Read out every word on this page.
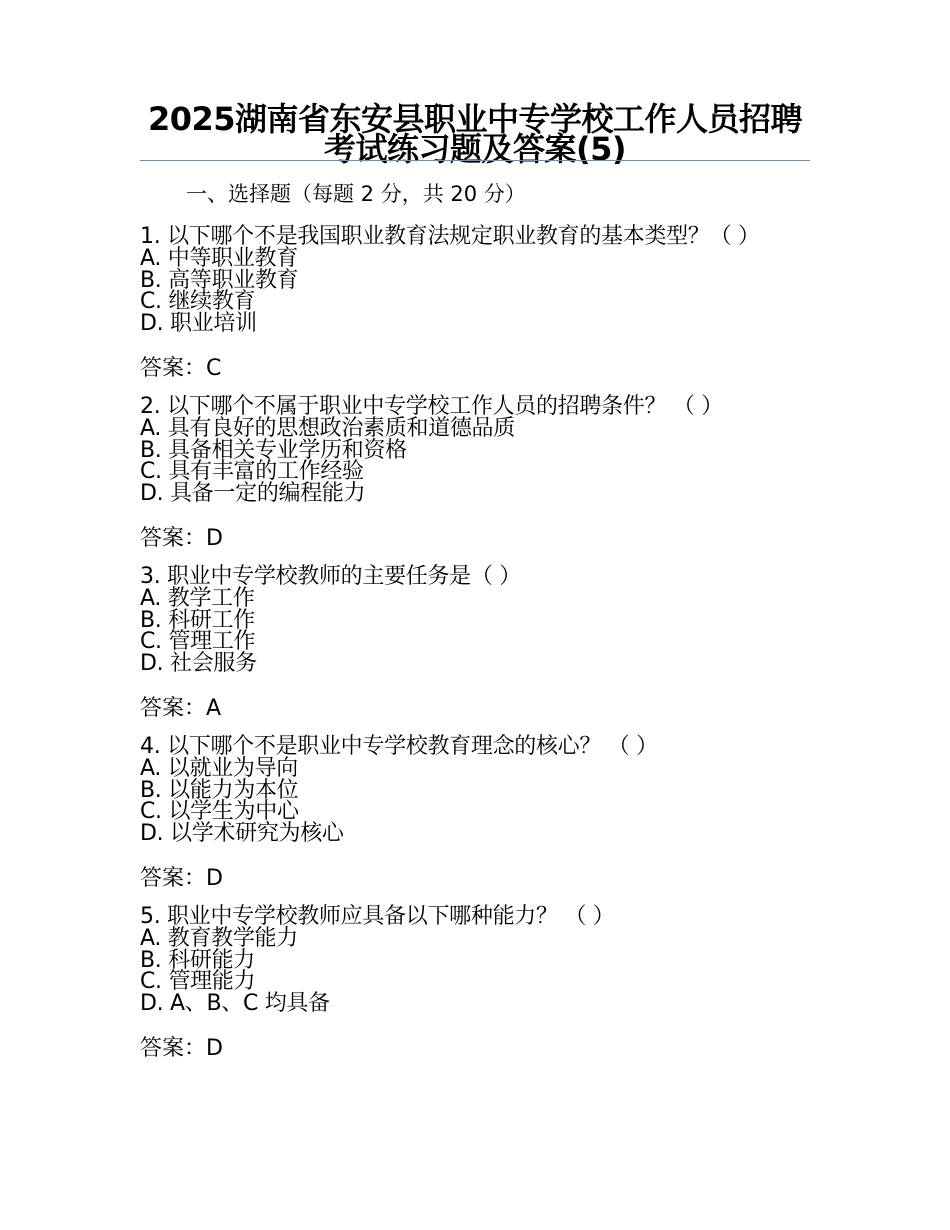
2025湖南省东安县职业中专学校工作人员招聘考试练习题及答案(5)
一、选择题（每题 2 分，共 20 分）
1. 以下哪个不是我国职业教育法规定职业教育的基本类型？（ ）
A. 中等职业教育
B. 高等职业教育
C. 继续教育
D. 职业培训
答案：C
2. 以下哪个不属于职业中专学校工作人员的招聘条件？ （ ）
A. 具有良好的思想政治素质和道德品质
B. 具备相关专业学历和资格
C. 具有丰富的工作经验
D. 具备一定的编程能力
答案：D
3. 职业中专学校教师的主要任务是（ ）
A. 教学工作
B. 科研工作
C. 管理工作
D. 社会服务
答案：A
4. 以下哪个不是职业中专学校教育理念的核心？ （ ）
A. 以就业为导向
B. 以能力为本位
C. 以学生为中心
D. 以学术研究为核心
答案：D
5. 职业中专学校教师应具备以下哪种能力？ （ ）
A. 教育教学能力
B. 科研能力
C. 管理能力
D. A、B、C 均具备
答案：D
